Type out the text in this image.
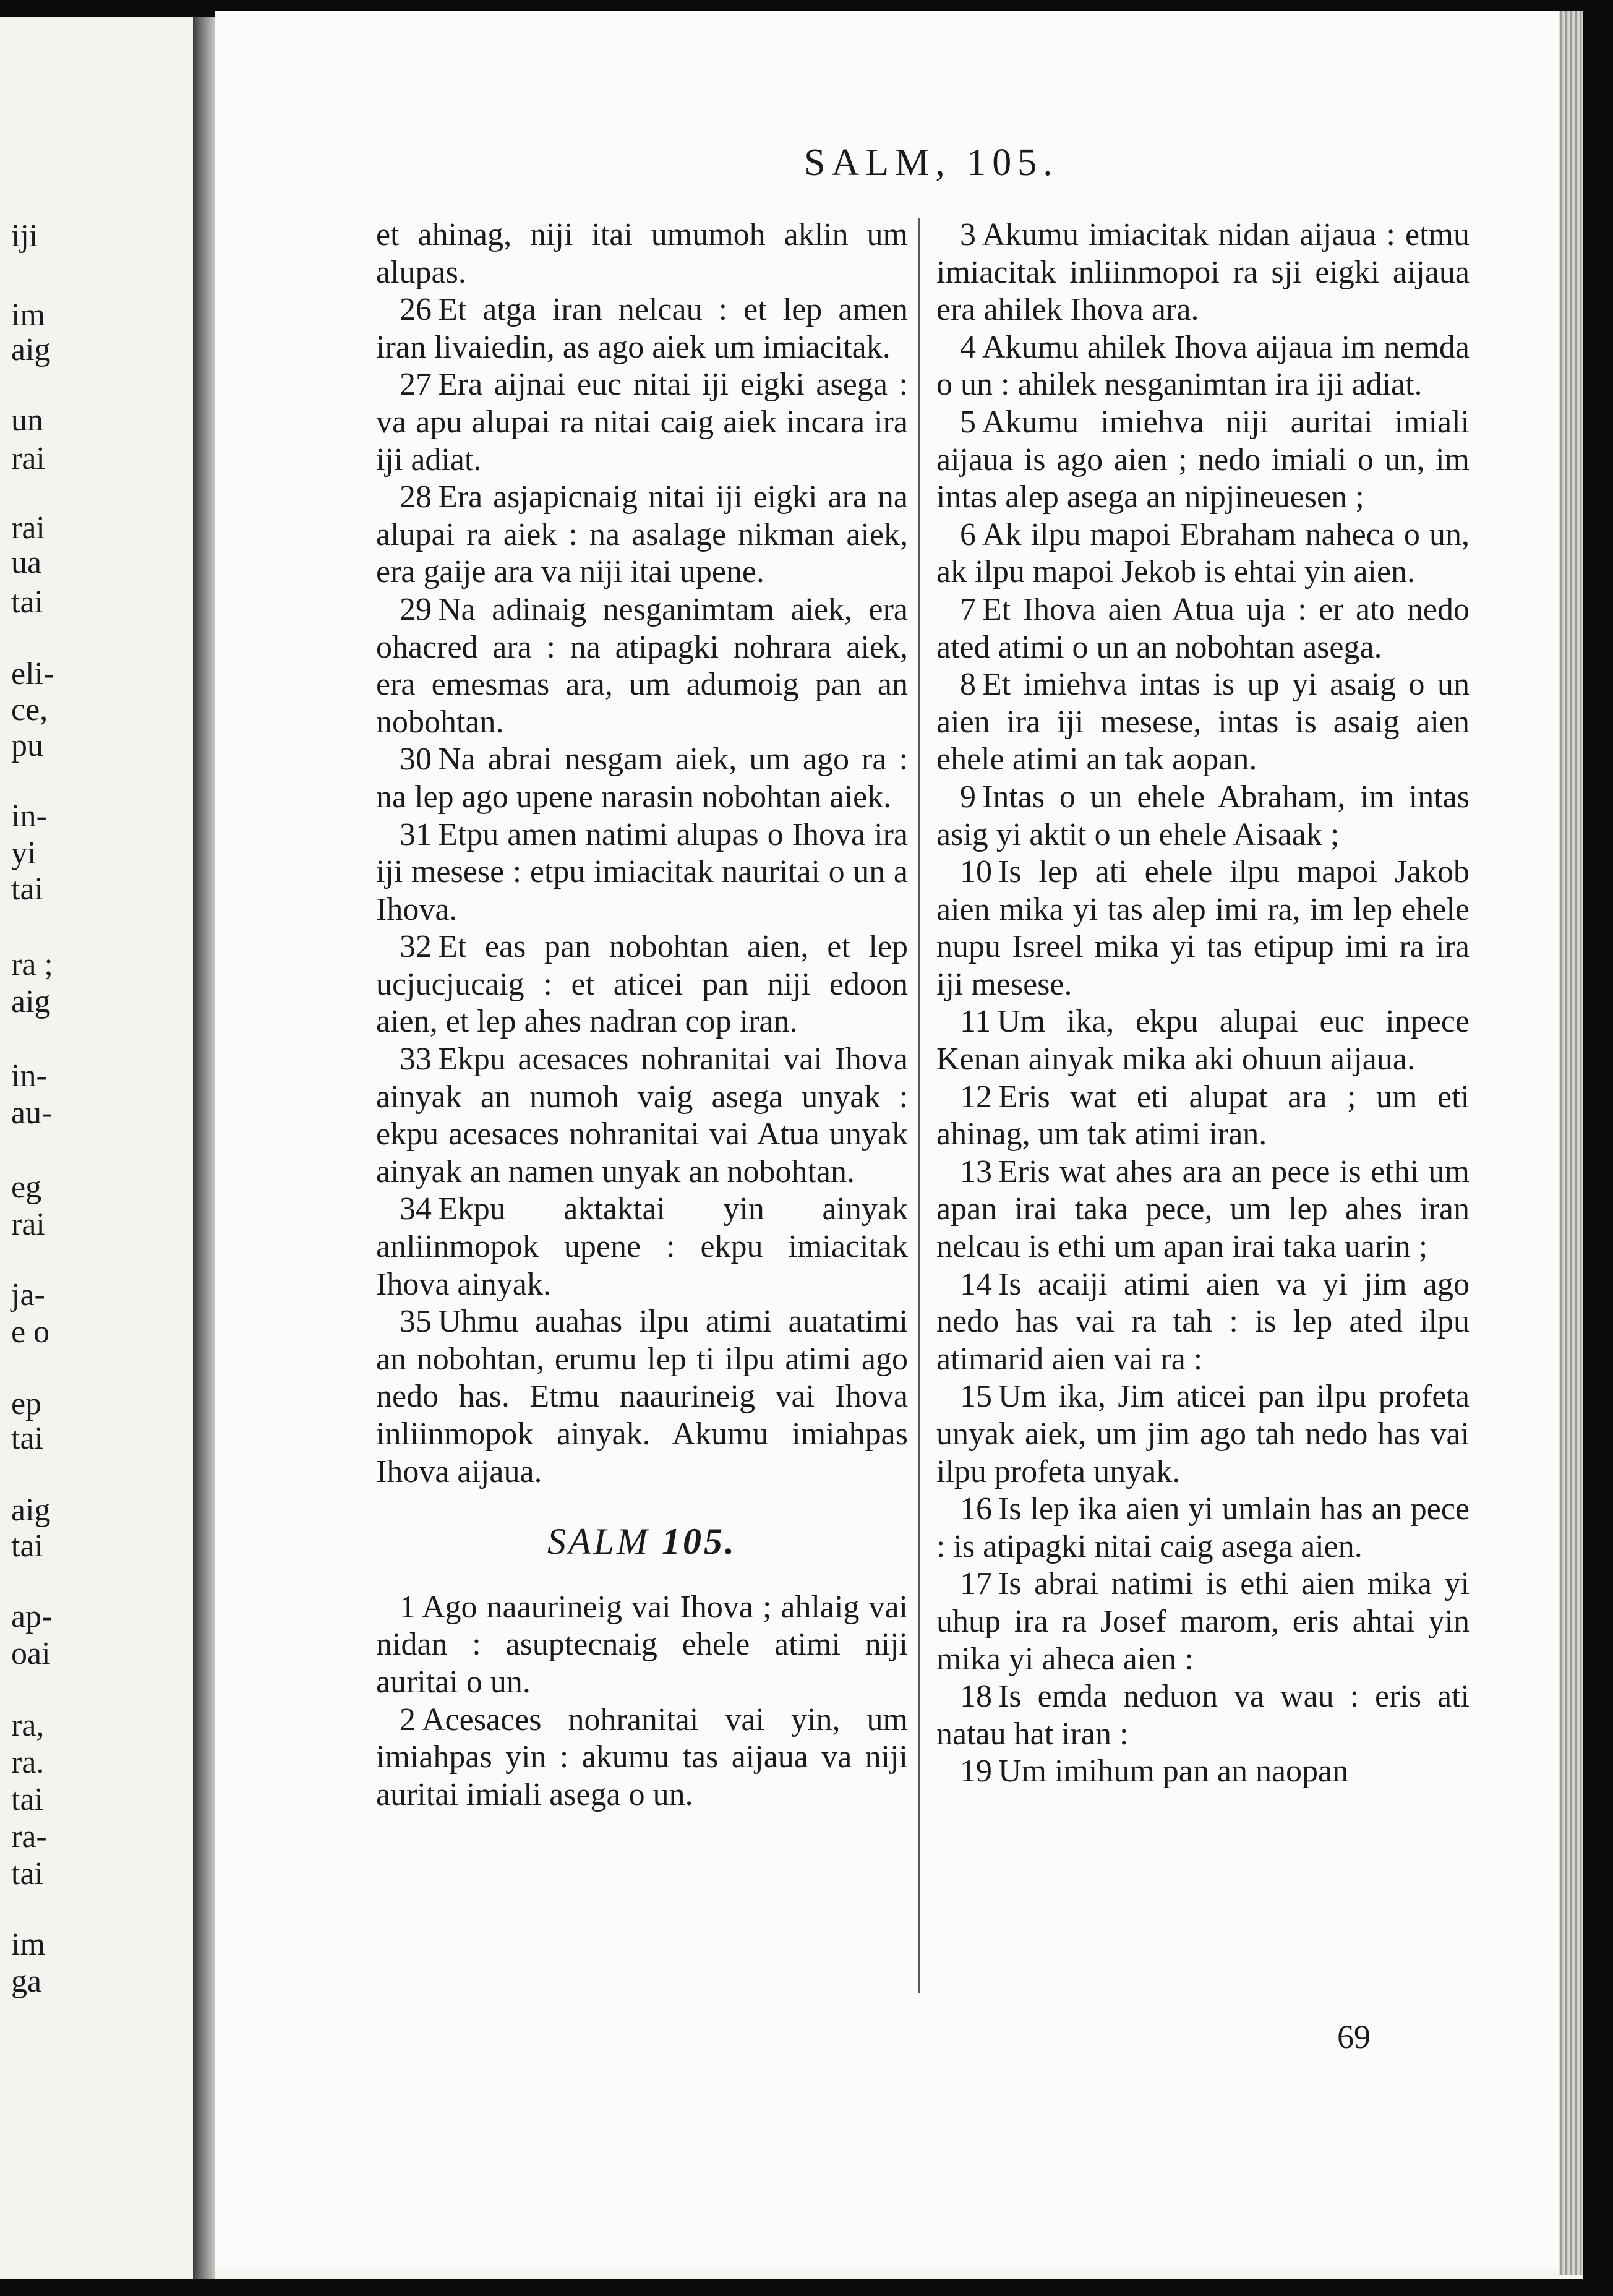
iji
im
aig
un
rai
rai
ua
tai
eli-
ce,
pu
in-
yi
tai
ra ;
aig
in-
au-
eg
rai
ja-
e o
ep
tai
aig
tai
ap-
oai
ra,
ra.
tai
ra-
tai
im
ga
SALM, 105.

et ahinag, niji itai umumoh aklin um alupas.

26 Et atga iran nelcau : et lep amen iran livaiedin, as ago aiek um imiacitak.

27 Era aijnai euc nitai iji eigki asega : va apu alupai ra nitai caig aiek incara ira iji adiat.

28 Era asjapicnaig nitai iji eigki ara na alupai ra aiek : na asalage nikman aiek, era gaije ara va niji itai upene.

29 Na adinaig nesganimtam aiek, era ohacred ara : na atipagki nohrara aiek, era emesmas ara, um adumoig pan an nobohtan.

30 Na abrai nesgam aiek, um ago ra : na lep ago upene narasin nobohtan aiek.

31 Etpu amen natimi alupas o Ihova ira iji mesese : etpu imiacitak nauritai o un a Ihova.

32 Et eas pan nobohtan aien, et lep ucjucjucaig : et aticei pan niji edoon aien, et lep ahes nadran cop iran.

33 Ekpu acesaces nohranitai vai Ihova ainyak an numoh vaig asega unyak : ekpu acesaces nohranitai vai Atua unyak ainyak an namen unyak an nobohtan.

34 Ekpu aktaktai yin ainyak anliinmopok upene : ekpu imiacitak Ihova ainyak.

35 Uhmu auahas ilpu atimi auatatimi an nobohtan, erumu lep ti ilpu atimi ago nedo has. Etmu naaurineig vai Ihova inliinmopok ainyak. Akumu imiahpas Ihova aijaua.

SALM 105.

1 Ago naaurineig vai Ihova ; ahlaig vai nidan : asuptecnaig ehele atimi niji auritai o un.

2 Acesaces nohranitai vai yin, um imiahpas yin : akumu tas aijaua va niji auritai imiali asega o un.

3 Akumu imiacitak nidan aijaua : etmu imiacitak inliinmopoi ra sji eigki aijaua era ahilek Ihova ara.

4 Akumu ahilek Ihova aijaua im nemda o un : ahilek nesganimtan ira iji adiat.

5 Akumu imiehva niji auritai imiali aijaua is ago aien ; nedo imiali o un, im intas alep asega an nipjineuesen ;

6 Ak ilpu mapoi Ebraham naheca o un, ak ilpu mapoi Jekob is ehtai yin aien.

7 Et Ihova aien Atua uja : er ato nedo ated atimi o un an nobohtan asega.

8 Et imiehva intas is up yi asaig o un aien ira iji mesese, intas is asaig aien ehele atimi an tak aopan.

9 Intas o un ehele Abraham, im intas asig yi aktit o un ehele Aisaak ;

10 Is lep ati ehele ilpu mapoi Jakob aien mika yi tas alep imi ra, im lep ehele nupu Isreel mika yi tas etipup imi ra ira iji mesese.

11 Um ika, ekpu alupai euc inpece Kenan ainyak mika aki ohuun aijaua.

12 Eris wat eti alupat ara ; um eti ahinag, um tak atimi iran.

13 Eris wat ahes ara an pece is ethi um apan irai taka pece, um lep ahes iran nelcau is ethi um apan irai taka uarin ;

14 Is acaiji atimi aien va yi jim ago nedo has vai ra tah : is lep ated ilpu atimarid aien vai ra :

15 Um ika, Jim aticei pan ilpu profeta unyak aiek, um jim ago tah nedo has vai ilpu profeta unyak.

16 Is lep ika aien yi umlain has an pece : is atipagki nitai caig asega aien.

17 Is abrai natimi is ethi aien mika yi uhup ira ra Josef marom, eris ahtai yin mika yi aheca aien :

18 Is emda neduon va wau : eris ati natau hat iran :

19 Um imihum pan an naopan

69
